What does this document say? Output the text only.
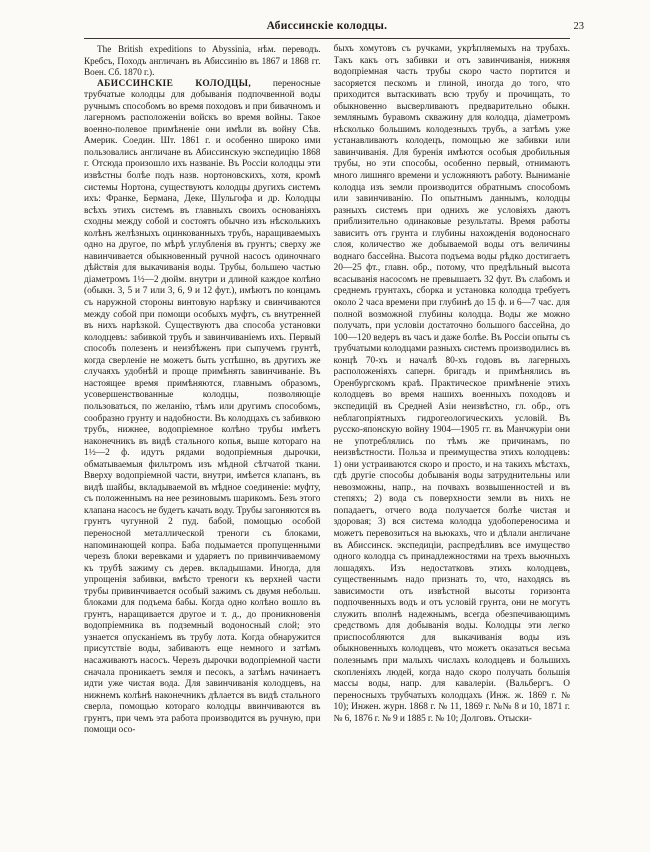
Абиссинскіе колодцы.	23

The British expeditions to Abyssinia, нѣм. переводъ. Кребсъ, Походъ англичанъ въ Абиссинію въ 1867 и 1868 гг. Воен. Сб. 1870 г.).

АБИССИНСКІЕ КОЛОДЦЫ, переносные трубчатые колодцы для добыванія подпочвенной воды ручнымъ способомъ во время походовъ и при бивачномъ и лагерномъ расположеніи войскъ во время войны. Такое военно-полевое примѣненіе они имѣли въ войну Сѣв. Америк. Соедин. Шт. 1861 г. и особенно широко ими пользовались англичане въ Абиссинскую экспедицію 1868 г. Отсюда произошло ихъ названіе. Въ Россіи колодцы эти извѣстны болѣе подъ назв. нортоновскихъ, хотя, кромѣ системы Нортона, существуютъ колодцы другихъ системъ ихъ: Франке, Бермана, Деке, Шульгофа и др. Колодцы всѣхъ этихъ системъ въ главныхъ своихъ основаніяхъ сходны между собой и состоятъ обычно изъ нѣсколькихъ колѣнъ желѣзныхъ оцинкованныхъ трубъ, наращиваемыхъ одно на другое, по мѣрѣ углубленія въ грунтъ; сверху же навинчивается обыкновенный ручной насосъ одиночнаго дѣйствія для выкачиванія воды. Трубы, большею частью діаметромъ 1½—2 дюйм. внутри и длиной каждое колѣно (обыкн. 3, 5 и 7 или 3, 6, 9 и 12 фут.), имѣютъ по концамъ съ наружной стороны винтовую нарѣзку и свинчиваются между собой при помощи особыхъ муфтъ, съ внутренней въ нихъ нарѣзкой. Существуютъ два способа установки колодцевъ: забивкой трубъ и завинчиваніемъ ихъ. Первый способъ полезенъ и неизбѣженъ при сыпучемъ грунтѣ, когда сверленіе не можетъ быть успѣшно, въ другихъ же случаяхъ удобнѣй и проще примѣнять завинчиваніе. Въ настоящее время примѣняются, главнымъ образомъ, усовершенствованные колодцы, позволяющіе пользоваться, по желанію, тѣмъ или другимъ способомъ, сообразно грунту и надобности. Въ колодцахъ съ забивкою трубъ, нижнее, водопріемное колѣно трубы имѣетъ наконечникъ въ видѣ стального копья, выше котораго на 1½—2 ф. идутъ рядами водопріемныя дырочки, обматываемыя фильтромъ изъ мѣдной сѣтчатой ткани. Вверху водопріемной части, внутри, имѣется клапанъ, въ видѣ шайбы, вкладываемой въ мѣдное соединеніе: муфту, съ положеннымъ на нее резиновымъ шарикомъ. Безъ этого клапана насосъ не будетъ качать воду. Трубы загоняются въ грунтъ чугунной 2 пуд. бабой, помощью особой переносной металлической треноги съ блоками, напоминающей копра. Баба подымается пропущенными черезъ блоки веревками и ударяетъ по привинчиваемому къ трубѣ зажиму съ дерев. вкладышами. Иногда, для упрощенія забивки, вмѣсто треноги къ верхней части трубы привинчивается особый зажимъ съ двумя небольш. блоками для подъема бабы. Когда одно колѣно вошло въ грунтъ, наращивается другое и т. д., до проникновенія водопріемника въ подземный водоносный слой; это узнается опусканіемъ въ трубу лота. Когда обнаружится присутствіе воды, забиваютъ еще немного и затѣмъ насаживаютъ насосъ. Черезъ дырочки водопріемной части сначала проникаетъ земля и песокъ, а затѣмъ начинаетъ идти уже чистая вода. Для завинчиванія колодцевъ, на нижнемъ колѣнѣ наконечникъ дѣлается въ видѣ стального сверла, помощью котораго колодцы ввинчиваются въ грунтъ, при чемъ эта работа производится въ ручную, при помощи осо-

быхъ хомутовъ съ ручками, укрѣпляемыхъ на трубахъ. Такъ какъ отъ забивки и отъ завинчиванія, нижняя водопріемная часть трубы скоро часто портится и засоряется пескомъ и глиной, иногда до того, что приходится вытаскивать всю трубу и прочищать, то обыкновенно высверливаютъ предварительно обыкн. землянымъ буравомъ скважину для колодца, діаметромъ нѣсколько большимъ колодезныхъ трубъ, а затѣмъ уже устанавливаютъ колодецъ, помощью же забивки или завинчиванія. Для буренія имѣются особыя дробильныя трубы, но эти способы, особенно первый, отнимаютъ много лишняго времени и усложняютъ работу. Выниманіе колодца изъ земли производится обратнымъ способомъ или завинчиванію. По опытнымъ даннымъ, колодцы разныхъ системъ при однихъ же условіяхъ даютъ приблизительно одинаковые результаты. Время работы зависитъ отъ грунта и глубины нахожденія водоноснаго слоя, количество же добываемой воды отъ величины воднаго бассейна. Высота подъема воды рѣдко достигаетъ 20—25 фт., главн. обр., потому, что предѣльный высота всасыванія насосомъ не превышаетъ 32 фут. Въ слабомъ и среднемъ грунтахъ, сборка и установка колодца требуетъ около 2 часа времени при глубинѣ до 15 ф. и 6—7 час. для полной возможной глубины колодца. Воды же можно получать, при условіи достаточно большого бассейна, до 100—120 ведеръ въ часъ и даже болѣе. Въ Россіи опыты съ трубчатыми колодцами разныхъ системъ производились въ концѣ 70-хъ и началѣ 80-хъ годовъ въ лагерныхъ расположеніяхъ саперн. бригадъ и примѣнялись въ Оренбургскомъ краѣ. Практическое примѣненіе этихъ колодцевъ во время нашихъ военныхъ походовъ и экспедицій въ Средней Азіи неизвѣстно, гл. обр., отъ неблагопріятныхъ гидрогеологическихъ условій. Въ русско-японскую войну 1904—1905 гг. въ Манчжуріи они не употреблялись по тѣмъ же причинамъ, по неизвѣстности. Польза и преимущества этихъ колодцевъ: 1) они устраиваются скоро и просто, и на такихъ мѣстахъ, гдѣ другіе способы добыванія воды затруднительны или невозможны, напр., на почвахъ возвышенностей и въ степяхъ; 2) вода съ поверхности земли въ нихъ не попадаетъ, отчего вода получается болѣе чистая и здоровая; 3) вся система колодца удобопереносима и можетъ перевозиться на вьюкахъ, что и дѣлали англичане въ Абиссинск. экспедиціи, распредѣливъ все имущество одного колодца съ принадлежностями на трехъ вьючныхъ лошадяхъ. Изъ недостатковъ этихъ колодцевъ, существеннымъ надо признать то, что, находясь въ зависимости отъ извѣстной высоты горизонта подпочвенныхъ водъ и отъ условій грунта, они не могутъ служить вполнѣ надежнымъ, всегда обезпечивающимъ средствомъ для добыванія воды. Колодцы эти легко приспособляются для выкачиванія воды изъ обыкновенныхъ колодцевъ, что можетъ оказаться весьма полезнымъ при малыхъ числахъ колодцевъ и большихъ скопленіяхъ людей, когда надо скоро получать большія массы воды, напр. для кавалеріи. (Вальбергъ. О переносныхъ трубчатыхъ колодцахъ (Инж. ж. 1869 г. № 10); Инжен. журн. 1868 г. № 11, 1869 г. №№ 8 и 10, 1871 г. № 6, 1876 г. № 9 и 1885 г. № 10; Долговъ. Отыски-
